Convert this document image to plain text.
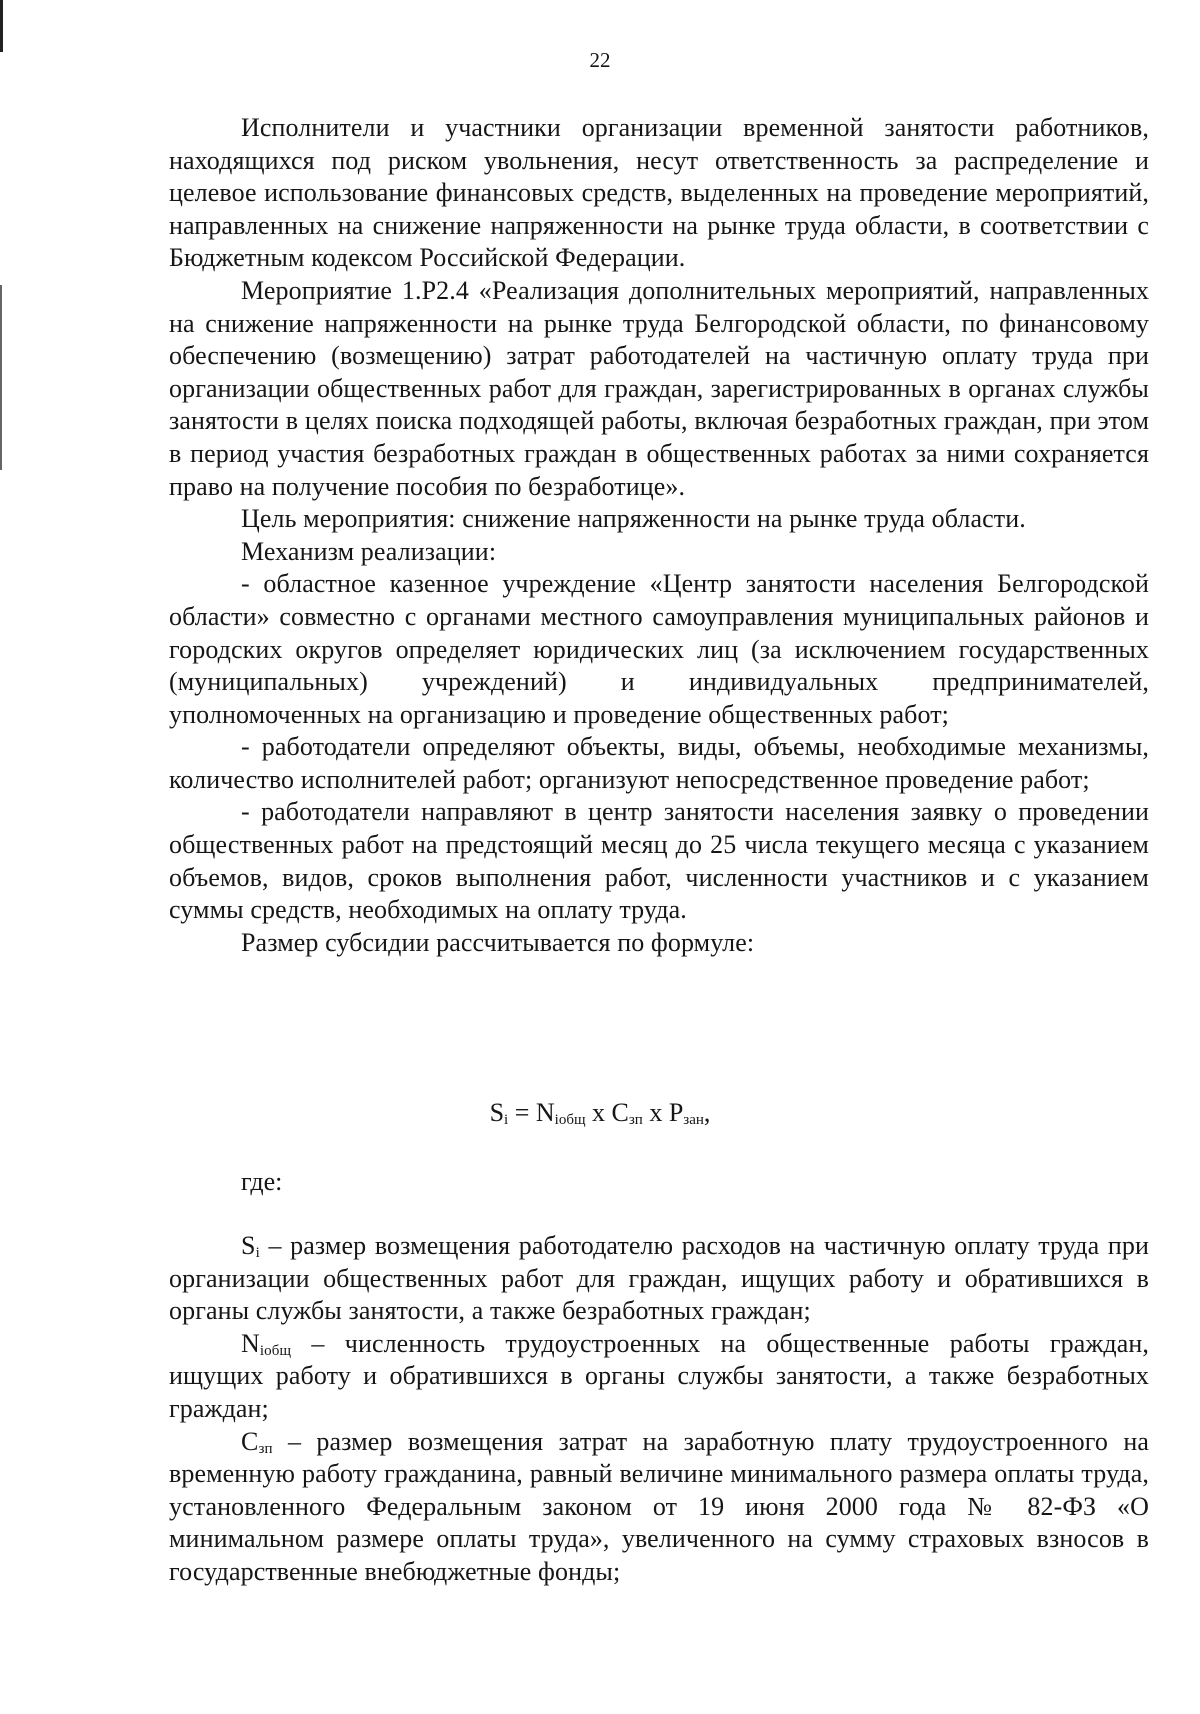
22

Исполнители и участники организации временной занятости работников, находящихся под риском увольнения, несут ответственность за распределение и целевое использование финансовых средств, выделенных на проведение мероприятий, направленных на снижение напряженности на рынке труда области, в соответствии с Бюджетным кодексом Российской Федерации.

Мероприятие 1.P2.4 «Реализация дополнительных мероприятий, направленных на снижение напряженности на рынке труда Белгородской области, по финансовому обеспечению (возмещению) затрат работодателей на частичную оплату труда при организации общественных работ для граждан, зарегистрированных в органах службы занятости в целях поиска подходящей работы, включая безработных граждан, при этом в период участия безработных граждан в общественных работах за ними сохраняется право на получение пособия по безработице».

Цель мероприятия: снижение напряженности на рынке труда области.

Механизм реализации:

- областное казенное учреждение «Центр занятости населения Белгородской области» совместно с органами местного самоуправления муниципальных районов и городских округов определяет юридических лиц (за исключением государственных (муниципальных) учреждений) и индивидуальных предпринимателей, уполномоченных на организацию и проведение общественных работ;

- работодатели определяют объекты, виды, объемы, необходимые механизмы, количество исполнителей работ; организуют непосредственное проведение работ;

- работодатели направляют в центр занятости населения заявку о проведении общественных работ на предстоящий месяц до 25 числа текущего месяца с указанием объемов, видов, сроков выполнения работ, численности участников и с указанием суммы средств, необходимых на оплату труда.

Размер субсидии рассчитывается по формуле:

$S_i = N_{iобщ}$ х $С_{зп}$ х $Р_{зан}$,
где:

$S_i$ – размер возмещения работодателю расходов на частичную оплату труда при организации общественных работ для граждан, ищущих работу и обратившихся в органы службы занятости, а также безработных граждан;

$N_{iобщ}$ – численность трудоустроенных на общественные работы граждан, ищущих работу и обратившихся в органы службы занятости, а также безработных граждан;

$С_{зп}$ – размер возмещения затрат на заработную плату трудоустроенного на временную работу гражданина, равный величине минимального размера оплаты труда, установленного Федеральным законом от 19 июня 2000 года № 82-ФЗ «О минимальном размере оплаты труда», увеличенного на сумму страховых взносов в государственные внебюджетные фонды;
